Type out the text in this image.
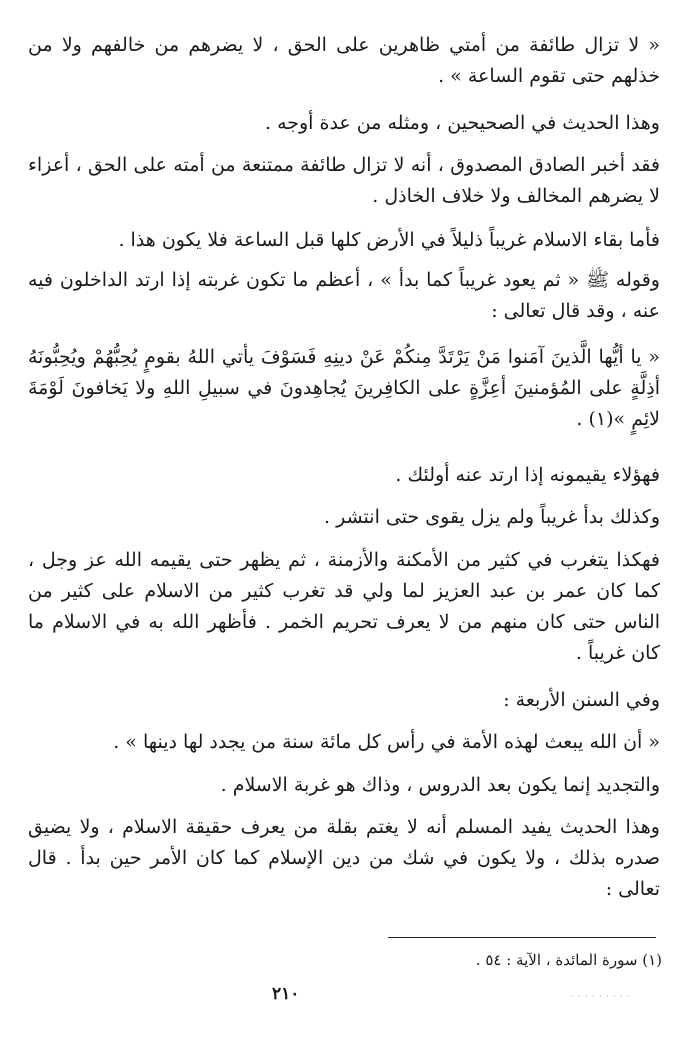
« لا تزال طائفة من أمتي ظاهرين على الحق ، لا يضرهم من خالفهم ولا من خذلهم حتى تقوم الساعة » .

وهذا الحديث في الصحيحين ، ومثله من عدة أوجه .

فقد أخبر الصادق المصدوق ، أنه لا تزال طائفة ممتنعة من أمته على الحق ، أعزاء لا يضرهم المخالف ولا خلاف الخاذل .

فأما بقاء الاسلام غريباً ذليلاً في الأرض كلها قبل الساعة فلا يكون هذا .

وقوله ﷺ « ثم يعود غريباً كما بدأ » ، أعظم ما تكون غربته إذا ارتد الداخلون فيه عنه ، وقد قال تعالى :

« يا أيُّها الَّذينَ آمَنوا مَنْ يَرْتَدَّ مِنكُمْ عَنْ دينِهِ فَسَوْفَ يأتي اللهُ بقومٍ يُحِبُّهُمْ ويُحِبُّونَهُ أذِلَّةٍ على المُؤمنينَ أعِزَّةٍ على الكافِرينَ يُجاهِدونَ في سبيلِ اللهِ ولا يَخافونَ لَوْمَةَ لائِمٍ »(١) .

فهؤلاء يقيمونه إذا ارتد عنه أولئك .

وكذلك بدأ غريباً ولم يزل يقوى حتى انتشر .

فهكذا يتغرب في كثير من الأمكنة والأزمنة ، ثم يظهر حتى يقيمه الله عز وجل ، كما كان عمر بن عبد العزيز لما ولي قد تغرب كثير من الاسلام على كثير من الناس حتى كان منهم من لا يعرف تحريم الخمر . فأظهر الله به في الاسلام ما كان غريباً .

وفي السنن الأربعة :

« أن الله يبعث لهذه الأمة في رأس كل مائة سنة من يجدد لها دينها » .

والتجديد إنما يكون بعد الدروس ، وذاك هو غربة الاسلام .

وهذا الحديث يفيد المسلم أنه لا يغتم بقلة من يعرف حقيقة الاسلام ، ولا يضيق صدره بذلك ، ولا يكون في شك من دين الإسلام كما كان الأمر حين بدأ . قال تعالى :

(١) سورة المائدة ، الآية : ٥٤ .
٢١٠	· · · · · · · · ·
